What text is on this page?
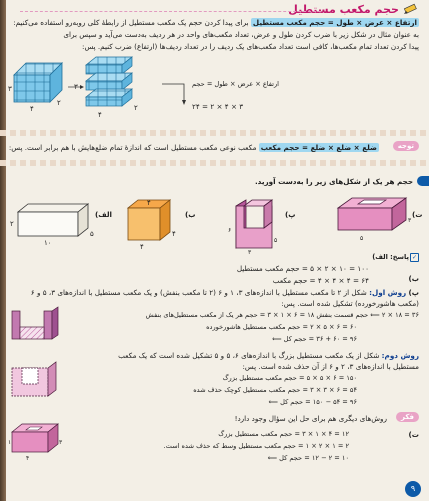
حجم مکعب مستطیل
ارتفاع × عرض × طول = حجم مکعب مستطیل برای پیدا کردن حجم یک مکعب مستطیل از رابطهٔ کلی روبه‌رو استفاده می‌کنیم:
به عنوان مثال در شکل زیر با ضرب کردن طول و عرض، تعداد مکعب‌های واحد در هر ردیف به‌دست می‌آید و سپس برای
پیدا کردن تعداد تمام مکعب‌ها، کافی است تعداد مکعب‌های یک ردیف را در تعداد ردیف‌ها (ارتفاع) ضرب کنیم. پس:
۴
۲
۳	۳
۴
۲
ارتفاع × عرض × طول = حجم
۳ × ۴ × ۲ = ۲۴
توجه
ضلع × ضلع × ضلع = حجم مکعب مکعب نوعی مکعب مستطیل است که اندازهٔ تمام ضلع‌هایش با هم برابر است. پس:
حجم هر یک از شکل‌های زیر را به‌دست آورید.
۱۰
۵
۲
۴
۴
۴
۳
۶
۵	۵
۳
(الف	(ب	(پ	(ت
✓
پاسخ: الف)
۱۰۰ = ۱۰ × ۲ × ۵ = حجم مکعب مستطیل
ب)
۶۴ = ۴ × ۴ × ۴ = حجم مکعب
پ) روش اول: شکل از ۲ تا مکعب مستطیل با اندازه‌های ۳، ۱ و ۶ (۲ تا مکعب بنفش) و یک مکعب مستطیل با اندازه‌های ۳، ۵ و ۶
(مکعب هاشورخورده) تشکیل شده است. پس:
۳۶ = ۱۸ × ۲ ⟸ حجم قسمت بنفش ۱۸ = ۶ × ۱ × ۳ = حجم هر یک از مکعب مستطیل‌های بنفش
۶۰ = ۶ × ۵ × ۲ = حجم مکعب مستطیل هاشورخورده
۹۶ = ۶۰ + ۳۶ = حجم کل ⟸
روش دوم: شکل از یک مکعب مستطیل بزرگ با اندازه‌های ۶، ۵ و ۵ تشکیل شده است که یک مکعب
مستطیل با اندازه‌های ۳، ۲ و ۶ از آن حذف شده است. پس:
۱۵۰ = ۶ × ۵ × ۵ = حجم مکعب مستطیل بزرگ
۵۴ = ۶ × ۳ × ۳ = حجم مکعب مستطیل کوچک حذف شده
۹۶ = ۵۴ − ۱۵۰ = حجم کل ⟸
فکر
روش‌های دیگری هم برای حل این سؤال وجود دارد!
ت)
۴
۳
۱
۱۲ = ۴ × ۱ × ۳ = حجم مکعب مستطیل بزرگ
۲ = ۱ × ۲ × ۱ = حجم مکعب مستطیل وسط که حذف شده است.
۱۰ = ۲ − ۱۲ = حجم کل ⟸
۹
